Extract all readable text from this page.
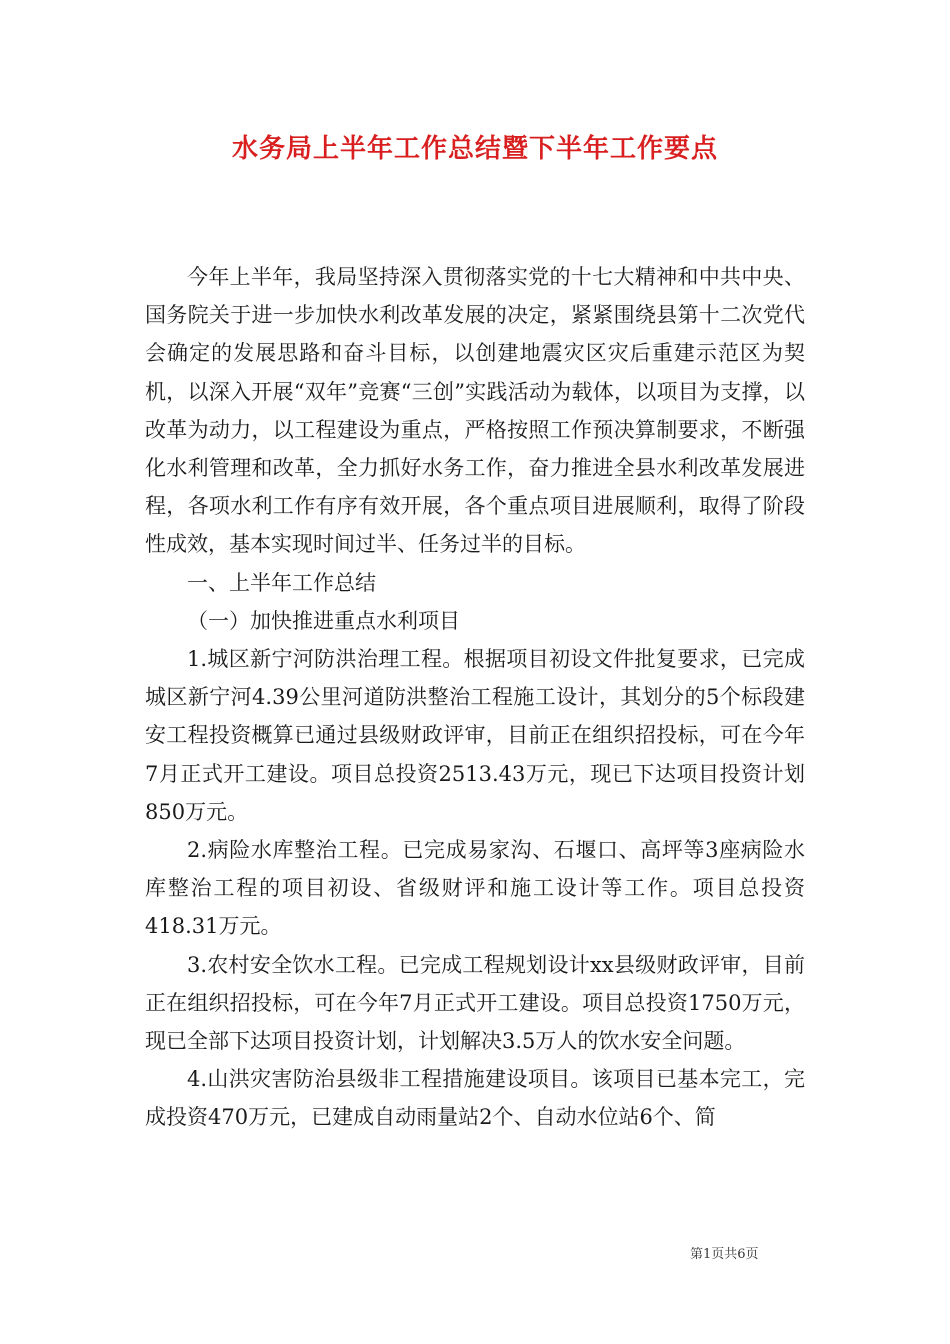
水务局上半年工作总结暨下半年工作要点

今年上半年，我局坚持深入贯彻落实党的十七大精神和中共中央、国务院关于进一步加快水利改革发展的决定，紧紧围绕县第十二次党代会确定的发展思路和奋斗目标，以创建地震灾区灾后重建示范区为契机，以深入开展“双年”竞赛“三创”实践活动为载体，以项目为支撑，以改革为动力，以工程建设为重点，严格按照工作预决算制要求，不断强化水利管理和改革，全力抓好水务工作，奋力推进全县水利改革发展进程，各项水利工作有序有效开展，各个重点项目进展顺利，取得了阶段性成效，基本实现时间过半、任务过半的目标。

一、上半年工作总结

（一）加快推进重点水利项目

1.城区新宁河防洪治理工程。根据项目初设文件批复要求，已完成城区新宁河4.39公里河道防洪整治工程施工设计，其划分的5个标段建安工程投资概算已通过县级财政评审，目前正在组织招投标，可在今年7月正式开工建设。项目总投资2513.43万元，现已下达项目投资计划850万元。

2.病险水库整治工程。已完成易家沟、石堰口、高坪等3座病险水库整治工程的项目初设、省级财评和施工设计等工作。项目总投资418.31万元。

3.农村安全饮水工程。已完成工程规划设计xx县级财政评审，目前正在组织招投标，可在今年7月正式开工建设。项目总投资1750万元，现已全部下达项目投资计划，计划解决3.5万人的饮水安全问题。

4.山洪灾害防治县级非工程措施建设项目。该项目已基本完工，完成投资470万元，已建成自动雨量站2个、自动水位站6个、简

第1页共6页
